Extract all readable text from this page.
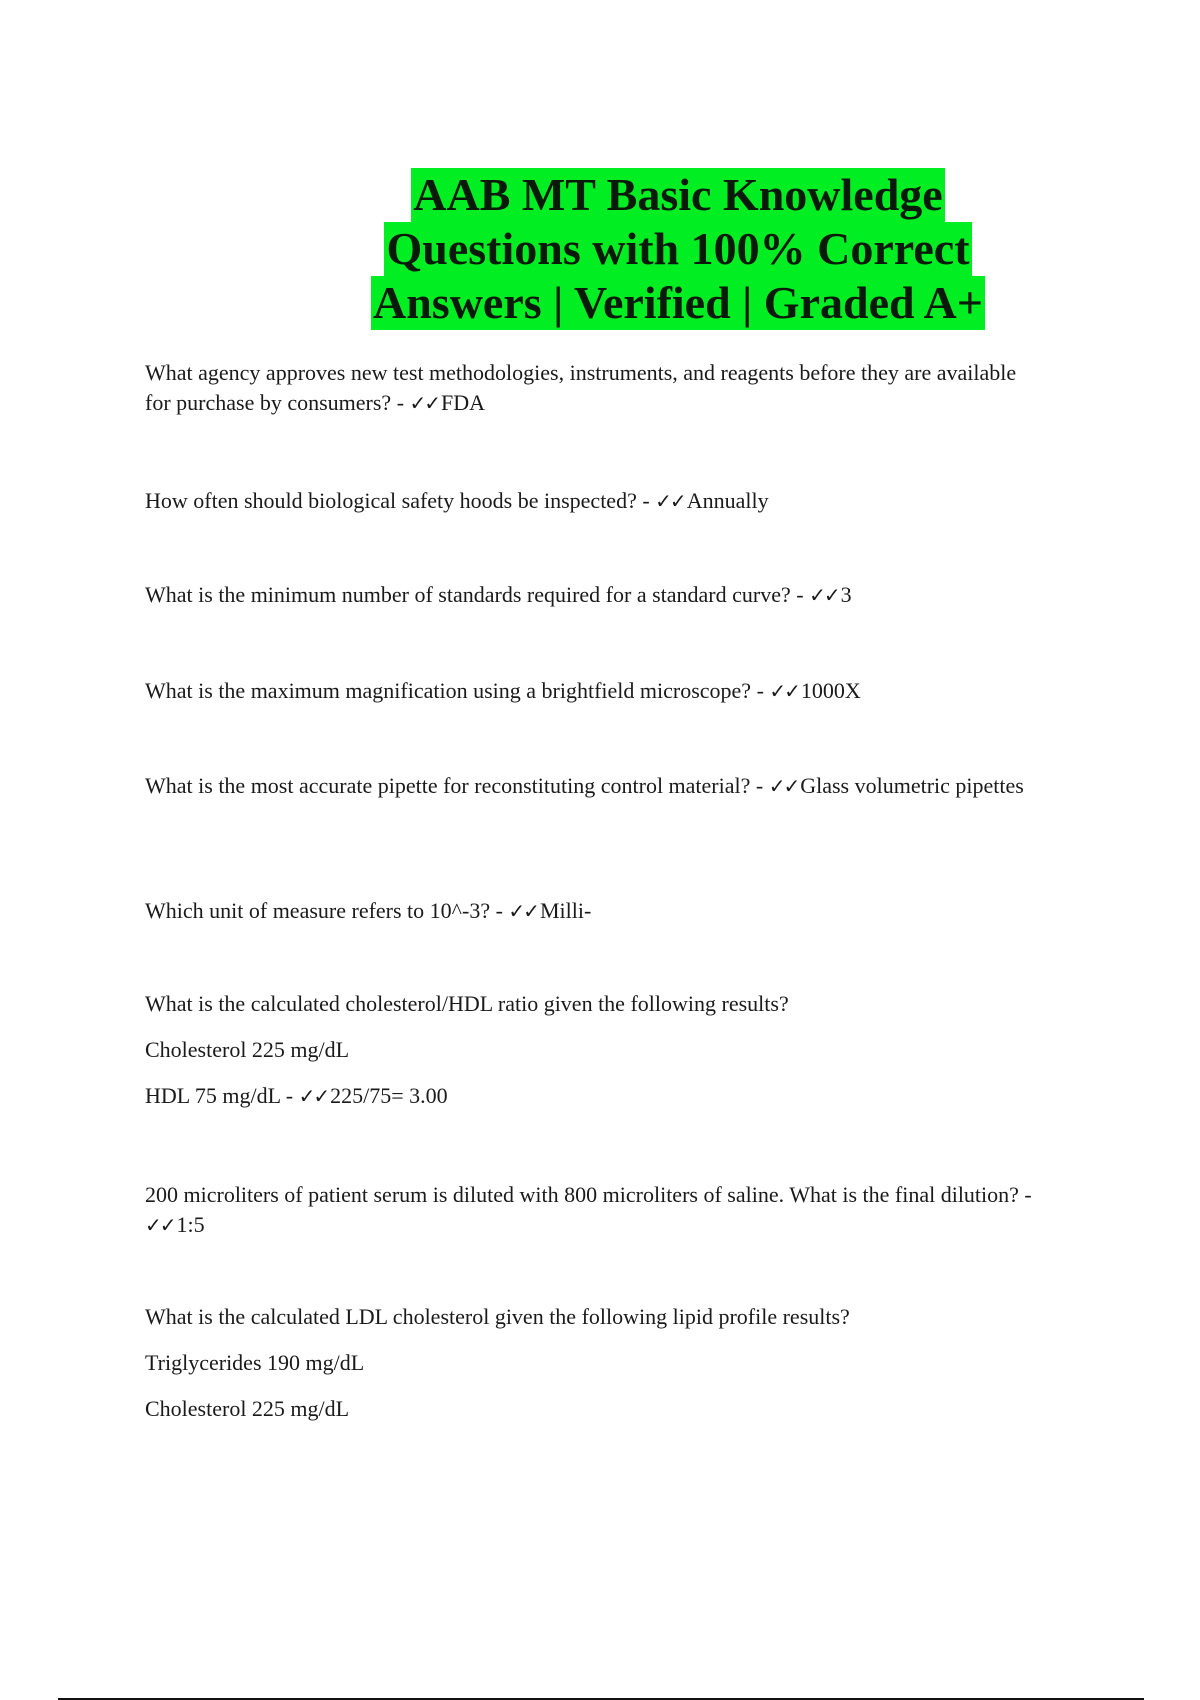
AAB MT Basic Knowledge
Questions with 100% Correct
Answers | Verified | Graded A+

What agency approves new test methodologies, instruments, and reagents before they are available for purchase by consumers? - ✓✓FDA

How often should biological safety hoods be inspected? - ✓✓Annually

What is the minimum number of standards required for a standard curve? - ✓✓3

What is the maximum magnification using a brightfield microscope? - ✓✓1000X

What is the most accurate pipette for reconstituting control material? - ✓✓Glass volumetric pipettes

Which unit of measure refers to 10^-3? - ✓✓Milli-

What is the calculated cholesterol/HDL ratio given the following results?

Cholesterol 225 mg/dL

HDL 75 mg/dL - ✓✓225/75= 3.00

200 microliters of patient serum is diluted with 800 microliters of saline. What is the final dilution? - ✓✓1:5

What is the calculated LDL cholesterol given the following lipid profile results?

Triglycerides 190 mg/dL

Cholesterol 225 mg/dL
